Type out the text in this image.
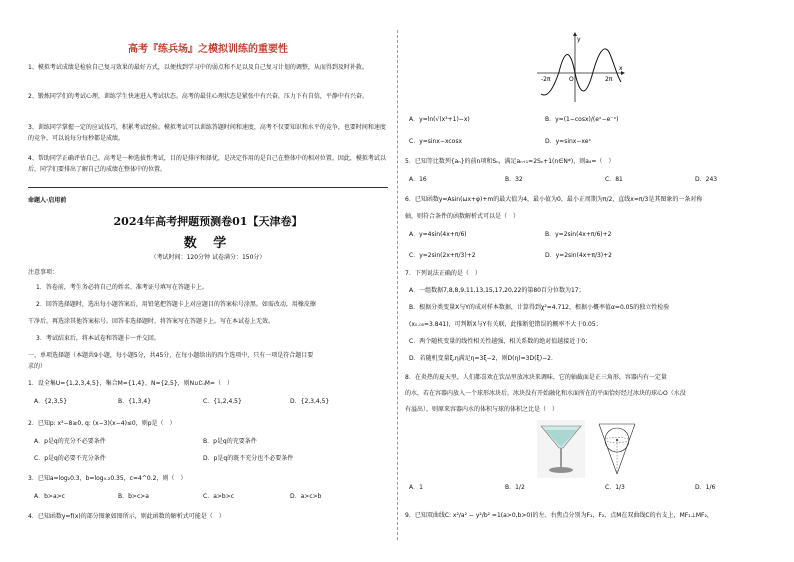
高考『练兵场』之模拟训练的重要性
1、模拟考试成绩是检验自己复习效果的最好方式，以便找到学习中的弱点和不足以及自己复习计划的调整，从而得到及时补救。
2、锻炼同学们的考试心理，训练学生快速进入考试状态。高考的最佳心理状态是紧张中有兴奋，压力下有自信，平静中有兴奋。
3、训练同学掌握一定的应试技巧，积累考试经验。模拟考试可以训练答题时间和速度，高考不仅要知识和水平的竞争，也要时间和速度的竞争，可以说每分每秒都是成绩。
4、帮助同学正确评估自己。高考是一种选拔性考试，目的是排序和择优，是决定作用的是自己在整体中的相对位置。因此，模拟考试以后，同学们要排出了解自己的成绩在整体中的位置。
命题人·启用前
2024年高考押题预测卷01【天津卷】
数 学
（考试时间：120分钟 试卷满分：150分）
注意事项：
1．答卷前，考生务必将自己的姓名、准考证号填写在答题卡上。
2．回答选择题时，选出每小题答案后，用铅笔把答题卡上对应题目的答案标号涂黑。如需改动，用橡皮擦
干净后，再选涂其他答案标号。回答非选择题时，将答案写在答题卡上。写在本试卷上无效。
3．考试结束后，将本试卷和答题卡一并交回。
一、单项选择题（本题共9小题，每小题5分，共45分，在每小题给出的四个选项中，只有一项是符合题目要
求的）
1．设全集U={1,2,3,4,5}，集合M={1,4}，N={2,5}，则N∪∁ᵤM=（　）
A．{2,3,5}	B．{1,3,4}	C．{1,2,4,5}	D．{2,3,4,5}
2．已知p: x²−8≥0, q: (x−3)(x−4)≤0，则p是（　）
A．p是q的充分不必要条件	B．p是q的充要条件
C．p是q的必要不充分条件	D．p是q的既不充分也不必要条件
3．已知a=log₂0.3，b=log₀.₂0.35，c=4^0.2，则（　）
A．b>a>c	B．b>c>a	C．a>b>c	D．a>c>b
4．已知函数y=f(x)的部分图象如图所示，则此函数的解析式可能是（　）
y
x
O
-2π	2π
A．y=ln(√(x²+1)−x)	B．y=(1−cosx)/(eˣ−e⁻ˣ)
C．y=sinx−xcosx	D．y=sinx−xeˣ
5．已知等比数列{aₙ}的前n项和Sₙ，满足aₙ₊₁=2Sₙ+1(n∈N*)，则a₄=（　）
A．16	B．32	C．81	D．243
6．已知函数y=Asin(ωx+φ)+m的最大值为4，最小值为0，最小正周期为π/2，直线x=π/3是其图象的一条对称
轴，则符合条件的函数解析式可以是（　）
A．y=4sin(4x+π/6)	B．y=2sin(4x+π/6)+2
C．y=2sin(2x+π/3)+2	D．y=2sin(4x+π/3)+2
7．下列说法正确的是（　）
A．一组数据7,8,8,9,11,13,15,17,20,22的第80百分位数为17；
B．根据分类变量X与Y的成对样本数据，计算得到χ²=4.712，根据小概率值α=0.05的独立性检验
(x₀.₀₅=3.841)，可判断X与Y有关联，此推断犯错误的概率不大于0.05；
C．两个随机变量的线性相关性越强，相关系数的绝对值越接近于0；
D．若随机变量ξ,η满足η=3ξ−2，则D(η)=3D(ξ)−2．
8．在炎热的夏天里，人们都喜欢在饮品里放冰块来调味，它的轴截面是正三角形，容器内有一定量
的水，若在容器内放入一个球形冰块后，冰块没有开始融化和水面所在的平面恰好经过冰块的球心O（水没
有溢出），则原来容器内水的体积与球的体积之比是（　）
A．1	B．1/2	C．1/3	D．1/6
9．已知双曲线C: x²/a² − y²/b² =1(a>0,b>0)的左、右焦点分别为F₁，F₂，点M在双曲线C的右支上，MF₁⊥MF₂，
